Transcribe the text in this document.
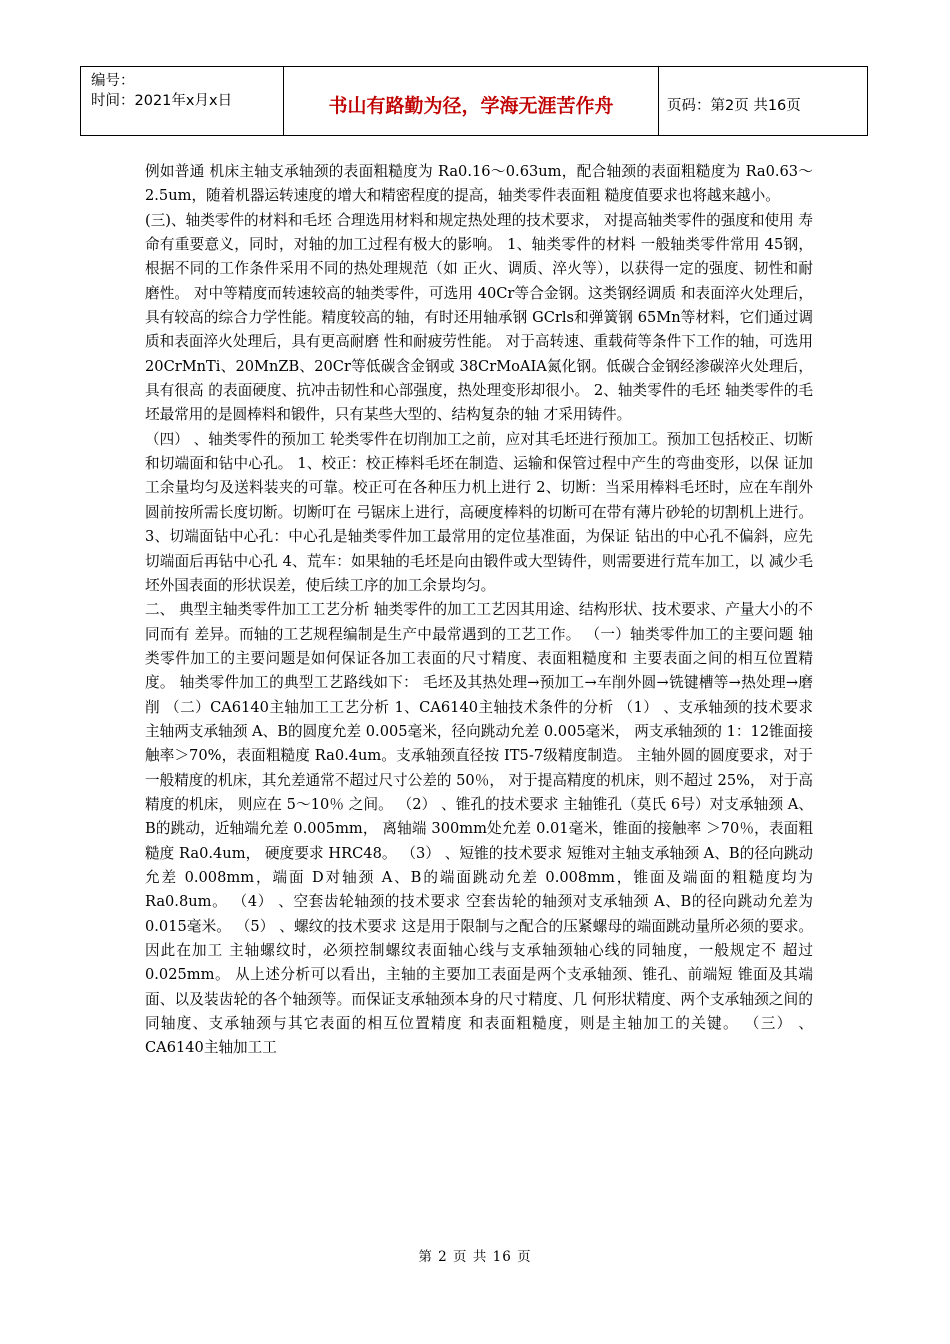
编号：
时间：2021年x月x日	书山有路勤为径，学海无涯苦作舟	页码：第2页 共16页

例如普通 机床主轴支承轴颈的表面粗糙度为 Ra0.16～0.63um，配合轴颈的表面粗糙度为 Ra0.63～2.5um，随着机器运转速度的增大和精密程度的提高，轴类零件表面粗 糙度值要求也将越来越小。

(三)、轴类零件的材料和毛坯 合理选用材料和规定热处理的技术要求， 对提高轴类零件的强度和使用 寿命有重要意义，同时，对轴的加工过程有极大的影响。 1、轴类零件的材料 一般轴类零件常用 45钢，根据不同的工作条件采用不同的热处理规范（如 正火、调质、淬火等），以获得一定的强度、韧性和耐磨性。 对中等精度而转速较高的轴类零件，可选用 40Cr等合金钢。这类钢经调质 和表面淬火处理后，具有较高的综合力学性能。精度较高的轴，有时还用轴承钢 GCrls和弹簧钢 65Mn等材料，它们通过调质和表面淬火处理后，具有更高耐磨 性和耐疲劳性能。 对于高转速、重载荷等条件下工作的轴，可选用 20CrMnTi、20MnZB、20Cr等低碳含金钢或 38CrMoAIA氮化钢。低碳合金钢经渗碳淬火处理后，具有很高 的表面硬度、抗冲击韧性和心部强度，热处理变形却很小。 2、轴类零件的毛坯 轴类零件的毛坯最常用的是圆棒料和锻件，只有某些大型的、结构复杂的轴 才采用铸件。

（四） 、轴类零件的预加工 轮类零件在切削加工之前，应对其毛坯进行预加工。预加工包括校正、切断 和切端面和钻中心孔。 1、校正：校正棒料毛坯在制造、运输和保管过程中产生的弯曲变形，以保 证加工余量均匀及送料装夹的可靠。校正可在各种压力机上进行 2、切断：当采用棒料毛坯时，应在车削外圆前按所需长度切断。切断叮在 弓锯床上进行，高硬度棒料的切断可在带有薄片砂轮的切割机上进行。 3、切端面钻中心孔：中心孔是轴类零件加工最常用的定位基准面，为保证 钻出的中心孔不偏斜，应先切端面后再钻中心孔 4、荒车：如果轴的毛坯是向由锻件或大型铸件，则需要进行荒车加工，以 减少毛坯外国表面的形状误差，使后续工序的加工余景均匀。

二、 典型主轴类零件加工工艺分析 轴类零件的加工工艺因其用途、结构形状、技术要求、产量大小的不同而有 差异。而轴的工艺规程编制是生产中最常遇到的工艺工作。 （一）轴类零件加工的主要问题 轴类零件加工的主要问题是如何保证各加工表面的尺寸精度、表面粗糙度和 主要表面之间的相互位置精度。 轴类零件加工的典型工艺路线如下： 毛坯及其热处理→预加工→车削外圆→铣键槽等→热处理→磨削 （二）CA6140主轴加工工艺分析 1、CA6140主轴技术条件的分析 （1） 、支承轴颈的技术要求 主轴两支承轴颈 A、B的圆度允差 0.005毫米，径向跳动允差 0.005毫米， 两支承轴颈的 1：12锥面接触率＞70%，表面粗糙度 Ra0.4um。支承轴颈直径按 IT5-7级精度制造。 主轴外圆的圆度要求，对于一般精度的机床，其允差通常不超过尺寸公差的 50％， 对于提高精度的机床，则不超过 25%， 对于高精度的机床， 则应在 5～10％ 之间。 （2） 、锥孔的技术要求 主轴锥孔（莫氏 6号）对支承轴颈 A、B的跳动，近轴端允差 0.005mm， 离轴端 300mm处允差 0.01毫米，锥面的接触率 ＞70％，表面粗糙度 Ra0.4um， 硬度要求 HRC48。 （3） 、短锥的技术要求 短锥对主轴支承轴颈 A、B的径向跳动允差 0.008mm，端面 D对轴颈 A、B的端面跳动允差 0.008mm，锥面及端面的粗糙度均为 Ra0.8um。 （4） 、空套齿轮轴颈的技术要求 空套齿轮的轴颈对支承轴颈 A、B的径向跳动允差为 0.015毫米。 （5） 、螺纹的技术要求 这是用于限制与之配合的压紧螺母的端面跳动量所必须的要求。 因此在加工 主轴螺纹时，必须控制螺纹表面轴心线与支承轴颈轴心线的同轴度，一般规定不 超过 0.025mm。 从上述分析可以看出，主轴的主要加工表面是两个支承轴颈、锥孔、前端短 锥面及其端面、以及装齿轮的各个轴颈等。而保证支承轴颈本身的尺寸精度、几 何形状精度、两个支承轴颈之间的同轴度、支承轴颈与其它表面的相互位置精度 和表面粗糙度，则是主轴加工的关键。 （三） 、CA6140主轴加工工

第 2 页 共 16 页
